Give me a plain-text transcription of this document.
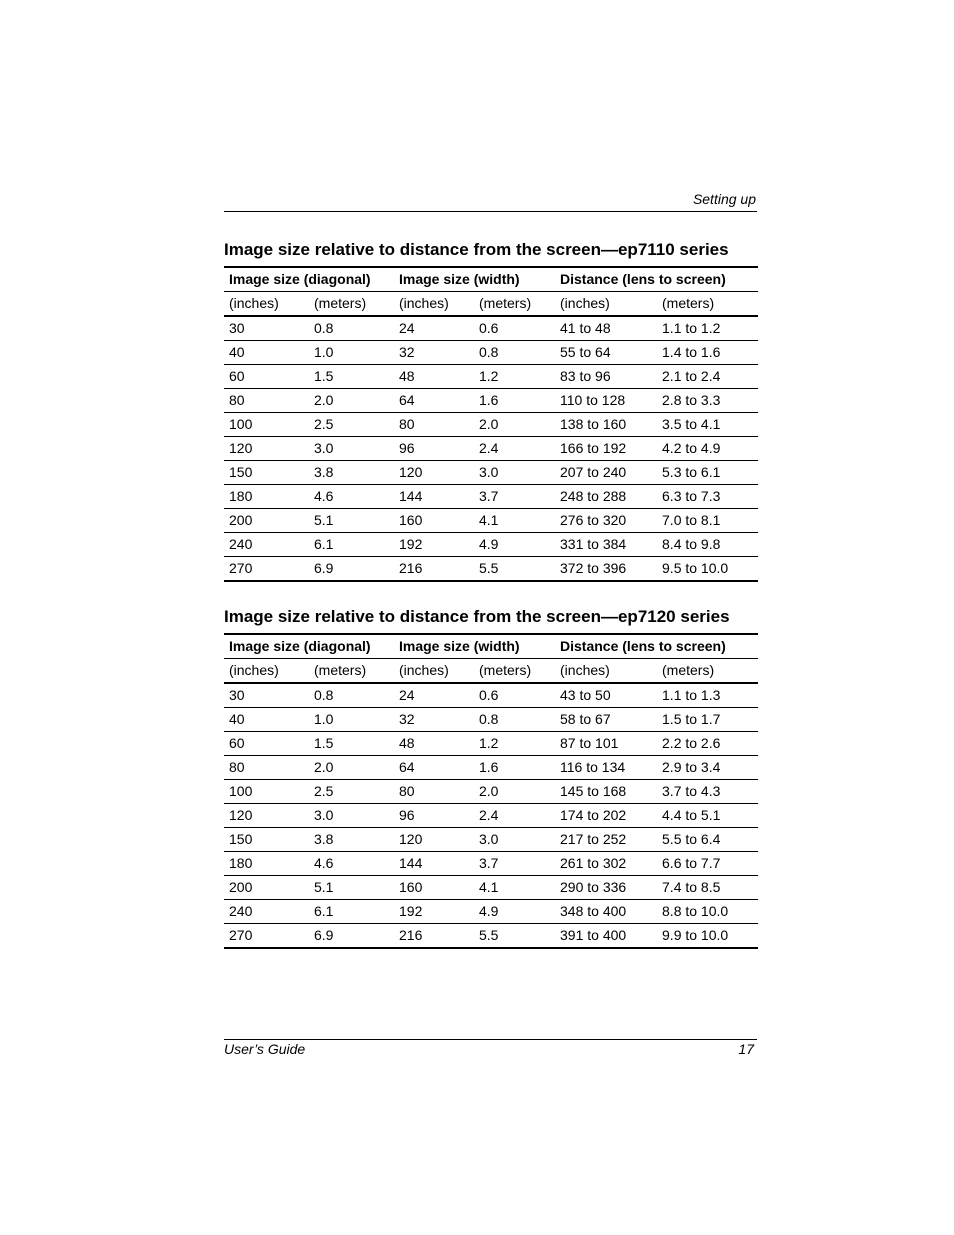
Setting up
Image size relative to distance from the screen—ep7110 series
Image size (diagonal)		Image size (width)		Distance (lens to screen)	
(inches)	(meters)	(inches)	(meters)	(inches)	(meters)
30	0.8	24	0.6	41 to 48	1.1 to 1.2
40	1.0	32	0.8	55 to 64	1.4 to 1.6
60	1.5	48	1.2	83 to 96	2.1 to 2.4
80	2.0	64	1.6	110 to 128	2.8 to 3.3
100	2.5	80	2.0	138 to 160	3.5 to 4.1
120	3.0	96	2.4	166 to 192	4.2 to 4.9
150	3.8	120	3.0	207 to 240	5.3 to 6.1
180	4.6	144	3.7	248 to 288	6.3 to 7.3
200	5.1	160	4.1	276 to 320	7.0 to 8.1
240	6.1	192	4.9	331 to 384	8.4 to 9.8
270	6.9	216	5.5	372 to 396	9.5 to 10.0
Image size relative to distance from the screen—ep7120 series
Image size (diagonal)		Image size (width)		Distance (lens to screen)	
(inches)	(meters)	(inches)	(meters)	(inches)	(meters)
30	0.8	24	0.6	43 to 50	1.1 to 1.3
40	1.0	32	0.8	58 to 67	1.5 to 1.7
60	1.5	48	1.2	87 to 101	2.2 to 2.6
80	2.0	64	1.6	116 to 134	2.9 to 3.4
100	2.5	80	2.0	145 to 168	3.7 to 4.3
120	3.0	96	2.4	174 to 202	4.4 to 5.1
150	3.8	120	3.0	217 to 252	5.5 to 6.4
180	4.6	144	3.7	261 to 302	6.6 to 7.7
200	5.1	160	4.1	290 to 336	7.4 to 8.5
240	6.1	192	4.9	348 to 400	8.8 to 10.0
270	6.9	216	5.5	391 to 400	9.9 to 10.0
User’s Guide	17
